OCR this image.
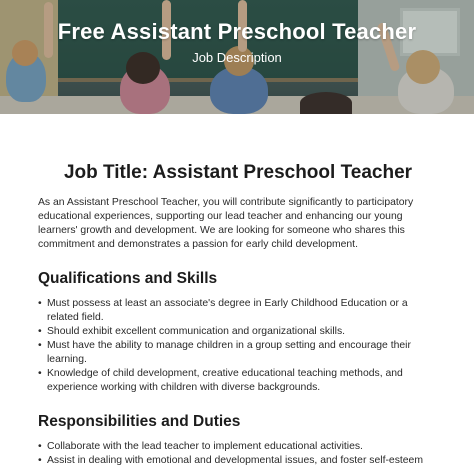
Free Assistant Preschool Teacher
Job Description
Job Title: Assistant Preschool Teacher

As an Assistant Preschool Teacher, you will contribute significantly to participatory educational experiences, supporting our lead teacher and enhancing our young learners' growth and development. We are looking for someone who shares this commitment and demonstrates a passion for early child development.

Qualifications and Skills
• Must possess at least an associate's degree in Early Childhood Education or a related field.
• Should exhibit excellent communication and organizational skills.
• Must have the ability to manage children in a group setting and encourage their learning.
• Knowledge of child development, creative educational teaching methods, and experience working with children with diverse backgrounds.
Responsibilities and Duties
• Collaborate with the lead teacher to implement educational activities.
• Assist in dealing with emotional and developmental issues, and foster self-esteem
